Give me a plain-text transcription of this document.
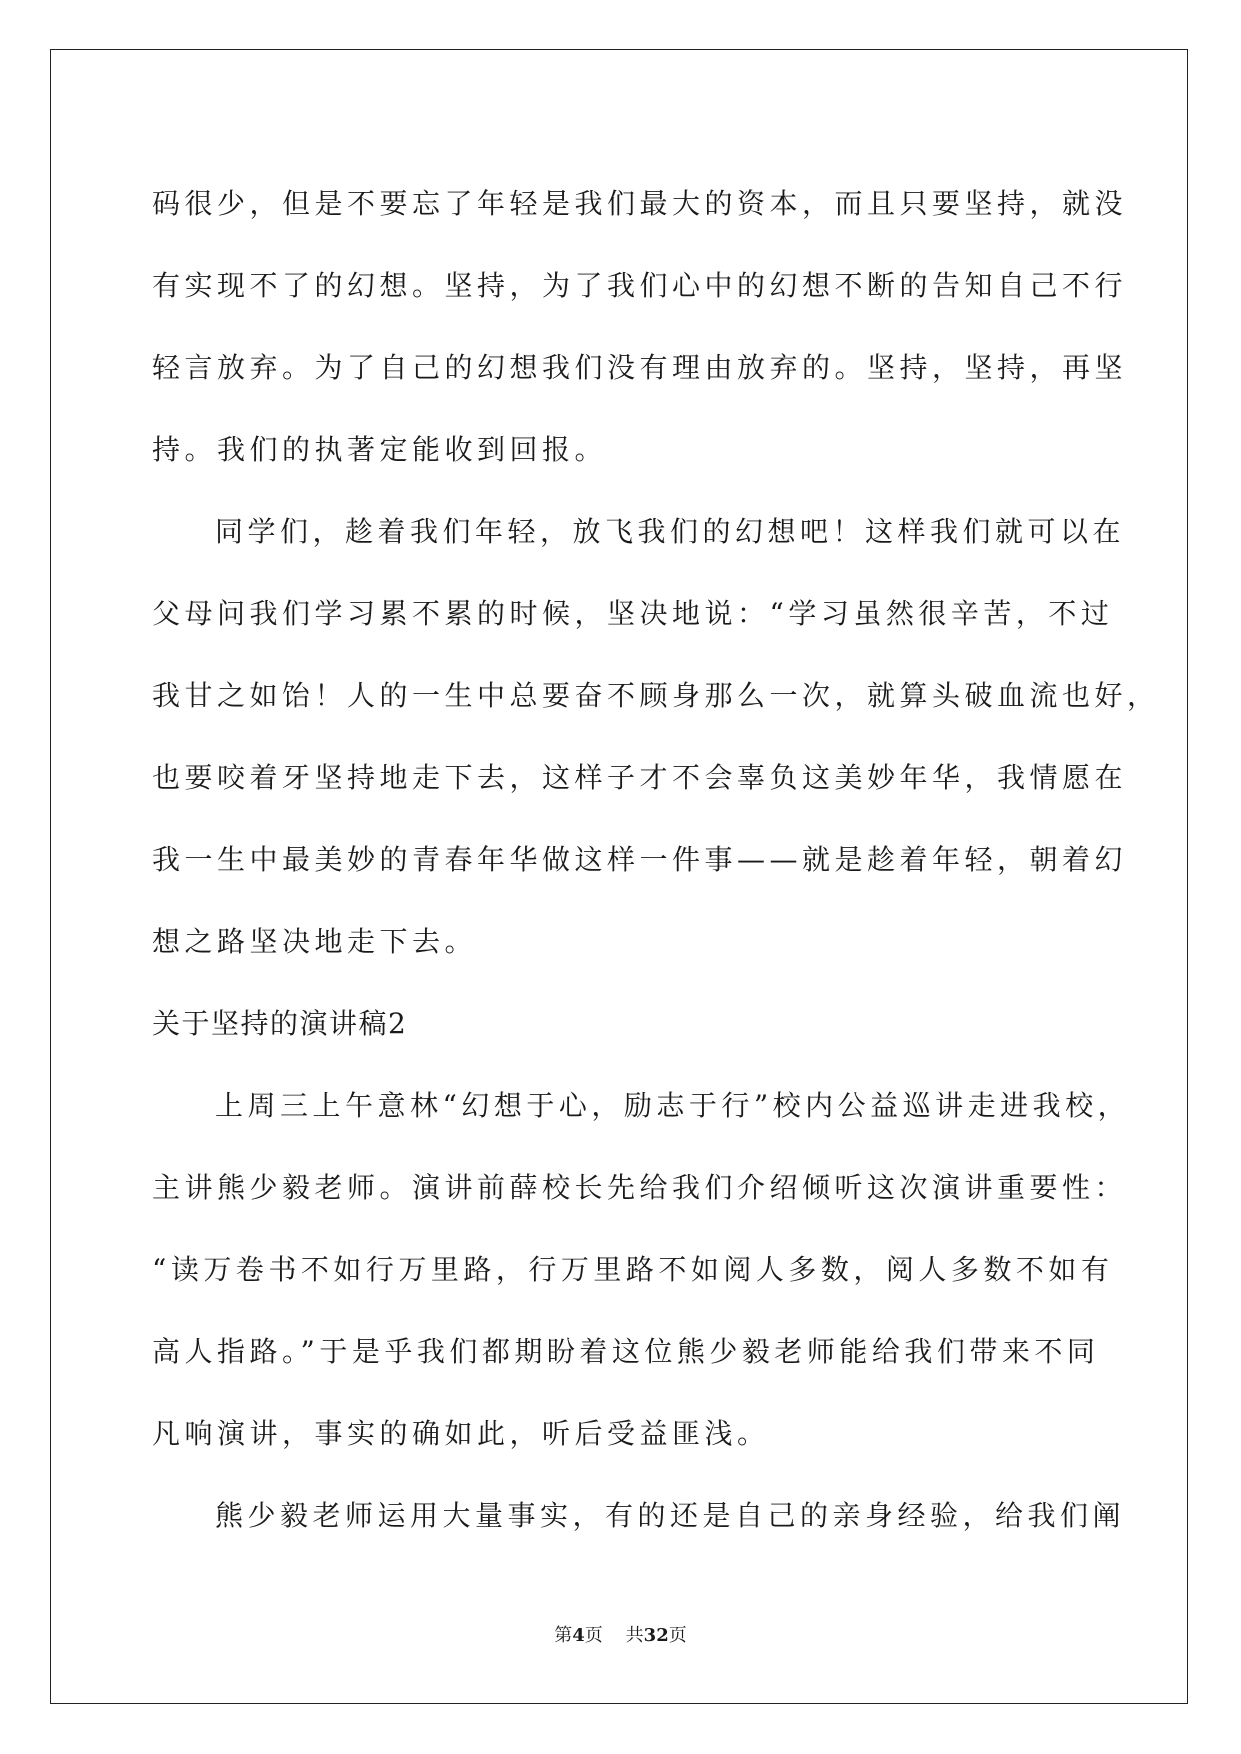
码很少，但是不要忘了年轻是我们最大的资本，而且只要坚持，就没
有实现不了的幻想。坚持，为了我们心中的幻想不断的告知自己不行
轻言放弃。为了自己的幻想我们没有理由放弃的。坚持，坚持，再坚
持。我们的执著定能收到回报。
同学们，趁着我们年轻，放飞我们的幻想吧！这样我们就可以在
父母问我们学习累不累的时候，坚决地说：“学习虽然很辛苦，不过
我甘之如饴！人的一生中总要奋不顾身那么一次，就算头破血流也好，
也要咬着牙坚持地走下去，这样子才不会辜负这美妙年华，我情愿在
我一生中最美妙的青春年华做这样一件事——就是趁着年轻，朝着幻
想之路坚决地走下去。
关于坚持的演讲稿2
上周三上午意林“幻想于心，励志于行”校内公益巡讲走进我校，
主讲熊少毅老师。演讲前薛校长先给我们介绍倾听这次演讲重要性：
“读万卷书不如行万里路，行万里路不如阅人多数，阅人多数不如有
高人指路。”于是乎我们都期盼着这位熊少毅老师能给我们带来不同
凡响演讲，事实的确如此，听后受益匪浅。
熊少毅老师运用大量事实，有的还是自己的亲身经验，给我们阐
第4页    共32页
